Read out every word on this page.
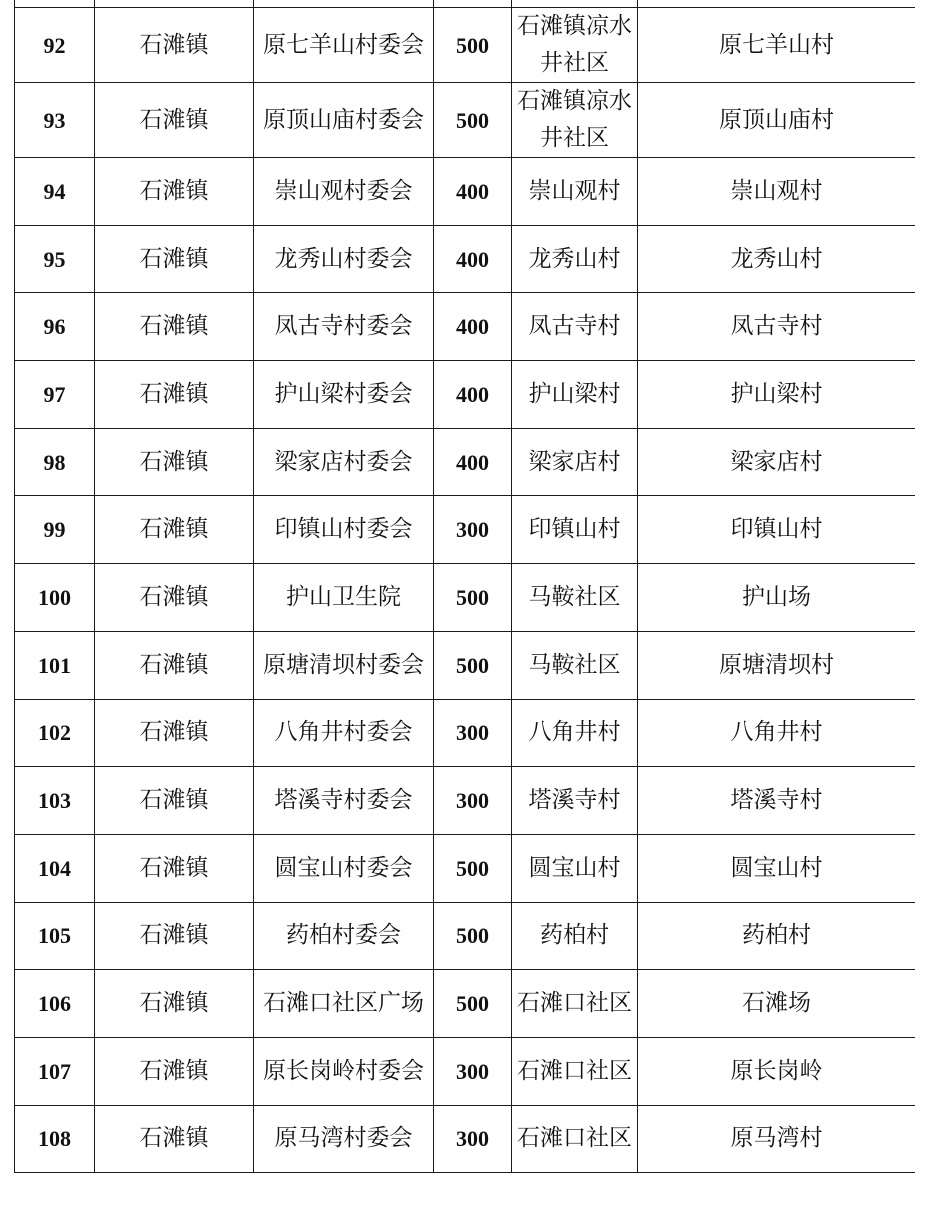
92	石滩镇	原七羊山村委会	500	石滩镇凉水井社区	原七羊山村
93	石滩镇	原顶山庙村委会	500	石滩镇凉水井社区	原顶山庙村
94	石滩镇	崇山观村委会	400	崇山观村	崇山观村
95	石滩镇	龙秀山村委会	400	龙秀山村	龙秀山村
96	石滩镇	凤古寺村委会	400	凤古寺村	凤古寺村
97	石滩镇	护山梁村委会	400	护山梁村	护山梁村
98	石滩镇	梁家店村委会	400	梁家店村	梁家店村
99	石滩镇	印镇山村委会	300	印镇山村	印镇山村
100	石滩镇	护山卫生院	500	马鞍社区	护山场
101	石滩镇	原塘清坝村委会	500	马鞍社区	原塘清坝村
102	石滩镇	八角井村委会	300	八角井村	八角井村
103	石滩镇	塔溪寺村委会	300	塔溪寺村	塔溪寺村
104	石滩镇	圆宝山村委会	500	圆宝山村	圆宝山村
105	石滩镇	药柏村委会	500	药柏村	药柏村
106	石滩镇	石滩口社区广场	500	石滩口社区	石滩场
107	石滩镇	原长岗岭村委会	300	石滩口社区	原长岗岭
108	石滩镇	原马湾村委会	300	石滩口社区	原马湾村
